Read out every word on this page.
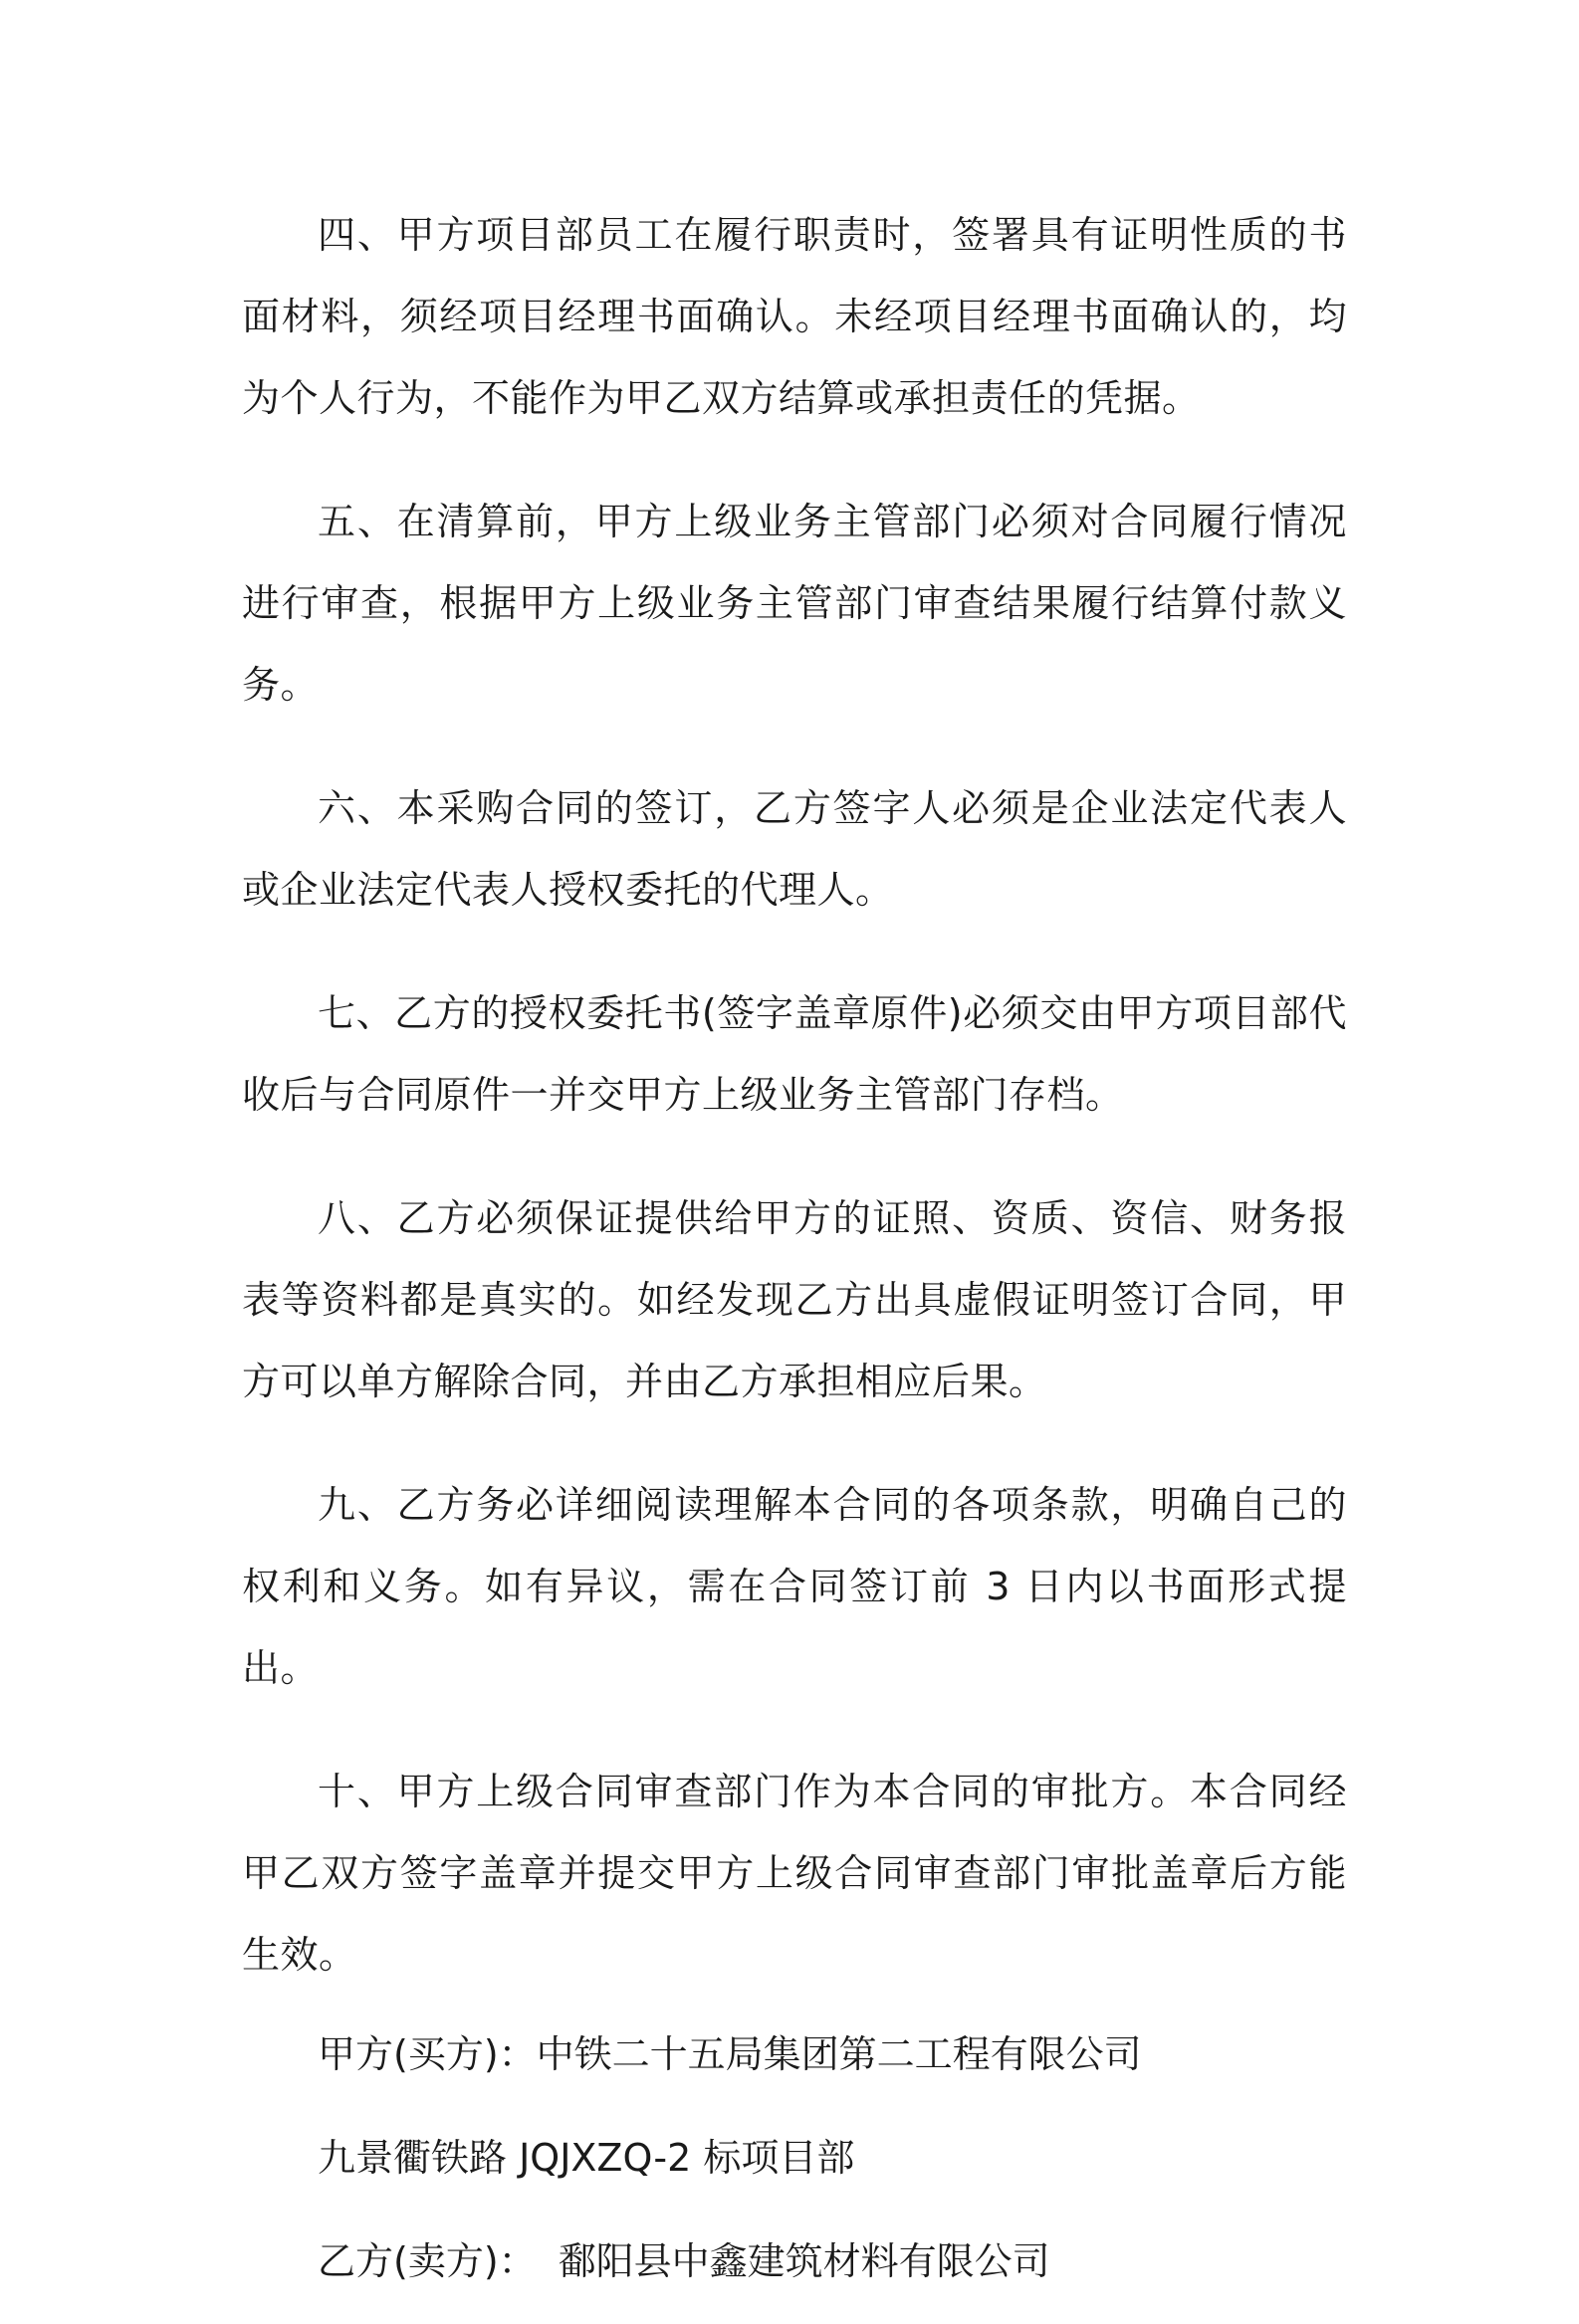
四、甲方项目部员工在履行职责时，签署具有证明性质的书面材料，须经项目经理书面确认。未经项目经理书面确认的，均为个人行为，不能作为甲乙双方结算或承担责任的凭据。

五、在清算前，甲方上级业务主管部门必须对合同履行情况进行审查，根据甲方上级业务主管部门审查结果履行结算付款义务。

六、本采购合同的签订，乙方签字人必须是企业法定代表人或企业法定代表人授权委托的代理人。

七、乙方的授权委托书(签字盖章原件)必须交由甲方项目部代收后与合同原件一并交甲方上级业务主管部门存档。

八、乙方必须保证提供给甲方的证照、资质、资信、财务报表等资料都是真实的。如经发现乙方出具虚假证明签订合同，甲方可以单方解除合同，并由乙方承担相应后果。

九、乙方务必详细阅读理解本合同的各项条款，明确自己的权利和义务。如有异议，需在合同签订前 3 日内以书面形式提出。

十、甲方上级合同审查部门作为本合同的审批方。本合同经甲乙双方签字盖章并提交甲方上级合同审查部门审批盖章后方能生效。

甲方(买方)：中铁二十五局集团第二工程有限公司
九景衢铁路 JQJXZQ-2 标项目部
乙方(卖方)： 鄱阳县中鑫建筑材料有限公司
